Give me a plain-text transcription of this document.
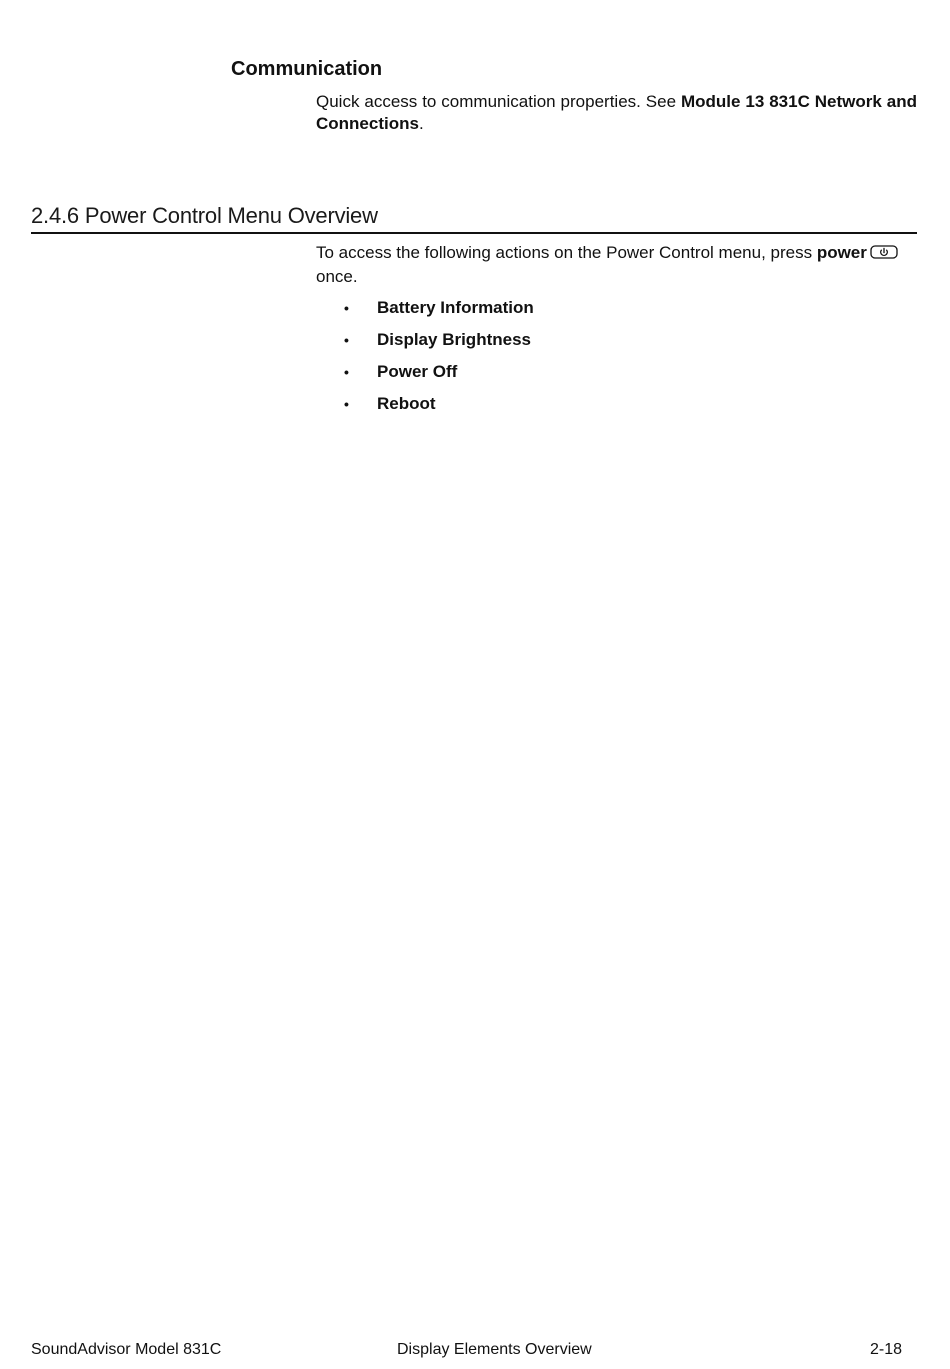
Communication

Quick access to communication properties. See Module 13 831C Network and Connections.

2.4.6 Power Control Menu Overview

To access the following actions on the Power Control menu, press power
once.

• Battery Information
• Display Brightness
• Power Off
• Reboot
SoundAdvisor Model 831C	Display Elements Overview	2-18
